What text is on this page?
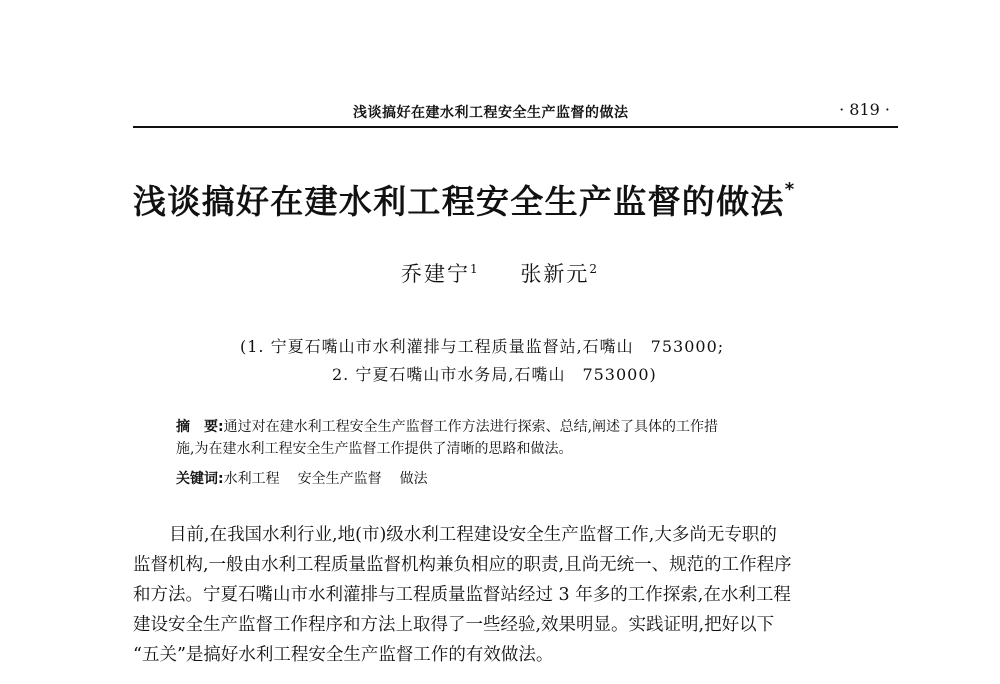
浅谈搞好在建水利工程安全生产监督的做法	· 819 ·
浅谈搞好在建水利工程安全生产监督的做法*
乔建宁$^1$ 张新元$^2$
(1. 宁夏石嘴山市水利灌排与工程质量监督站,石嘴山　753000;
2. 宁夏石嘴山市水务局,石嘴山　753000)
摘　要:通过对在建水利工程安全生产监督工作方法进行探索、总结,阐述了具体的工作措
施,为在建水利工程安全生产监督工作提供了清晰的思路和做法。
关键词:水利工程 安全生产监督 做法
目前,在我国水利行业,地(市)级水利工程建设安全生产监督工作,大多尚无专职的
监督机构,一般由水利工程质量监督机构兼负相应的职责,且尚无统一、规范的工作程序
和方法。宁夏石嘴山市水利灌排与工程质量监督站经过 3 年多的工作探索,在水利工程
建设安全生产监督工作程序和方法上取得了一些经验,效果明显。实践证明,把好以下
“五关”是搞好水利工程安全生产监督工作的有效做法。
